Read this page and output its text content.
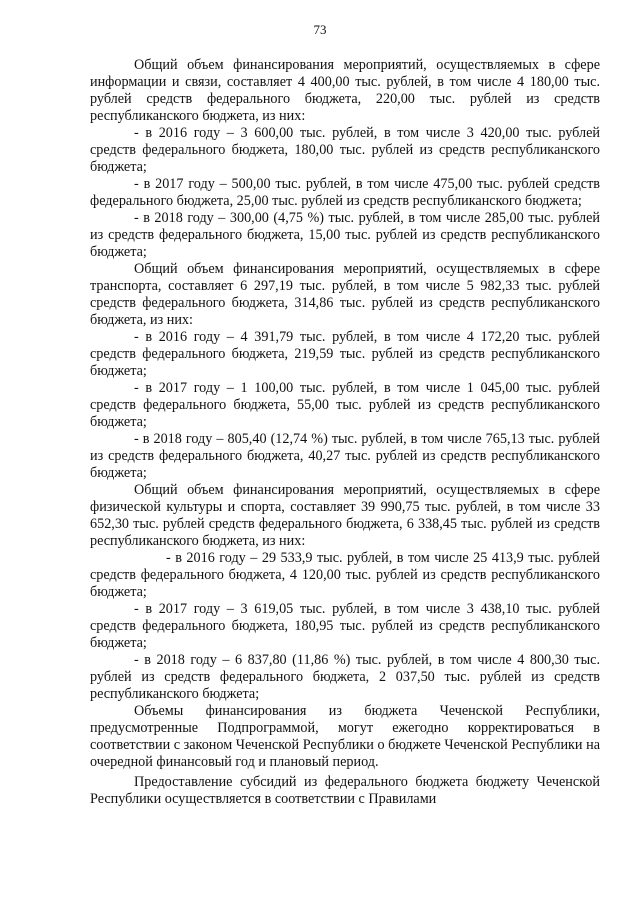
73

Общий объем финансирования мероприятий, осуществляемых в сфере информации и связи, составляет 4 400,00 тыс. рублей, в том числе 4 180,00 тыс. рублей средств федерального бюджета, 220,00 тыс. рублей из средств республиканского бюджета, из них:

- в 2016 году – 3 600,00 тыс. рублей, в том числе 3 420,00 тыс. рублей средств федерального бюджета, 180,00 тыс. рублей из средств республиканского бюджета;

- в 2017 году – 500,00 тыс. рублей, в том числе 475,00 тыс. рублей средств федерального бюджета, 25,00 тыс. рублей из средств республиканского бюджета;

- в 2018 году – 300,00 (4,75 %) тыс. рублей, в том числе 285,00 тыс. рублей из средств федерального бюджета, 15,00 тыс. рублей из средств республиканского бюджета;

Общий объем финансирования мероприятий, осуществляемых в сфере транспорта, составляет 6 297,19 тыс. рублей, в том числе 5 982,33 тыс. рублей средств федерального бюджета, 314,86 тыс. рублей из средств республиканского бюджета, из них:

- в 2016 году – 4 391,79 тыс. рублей, в том числе 4 172,20 тыс. рублей средств федерального бюджета, 219,59 тыс. рублей из средств республиканского бюджета;

- в 2017 году – 1 100,00 тыс. рублей, в том числе 1 045,00 тыс. рублей средств федерального бюджета, 55,00 тыс. рублей из средств республиканского бюджета;

- в 2018 году – 805,40 (12,74 %) тыс. рублей, в том числе 765,13 тыс. рублей из средств федерального бюджета, 40,27 тыс. рублей из средств республиканского бюджета;

Общий объем финансирования мероприятий, осуществляемых в сфере физической культуры и спорта, составляет 39 990,75 тыс. рублей, в том числе 33 652,30 тыс. рублей средств федерального бюджета, 6 338,45 тыс. рублей из средств республиканского бюджета, из них:

- в 2016 году – 29 533,9 тыс. рублей, в том числе 25 413,9 тыс. рублей средств федерального бюджета, 4 120,00 тыс. рублей из средств республиканского бюджета;

- в 2017 году – 3 619,05 тыс. рублей, в том числе 3 438,10 тыс. рублей средств федерального бюджета, 180,95 тыс. рублей из средств республиканского бюджета;

- в 2018 году – 6 837,80 (11,86 %) тыс. рублей, в том числе 4 800,30 тыс. рублей из средств федерального бюджета, 2 037,50 тыс. рублей из средств республиканского бюджета;

Объемы финансирования из бюджета Чеченской Республики, предусмотренные Подпрограммой, могут ежегодно корректироваться в соответствии с законом Чеченской Республики о бюджете Чеченской Республики на очередной финансовый год и плановый период.

Предоставление субсидий из федерального бюджета бюджету Чеченской Республики осуществляется в соответствии с Правилами
